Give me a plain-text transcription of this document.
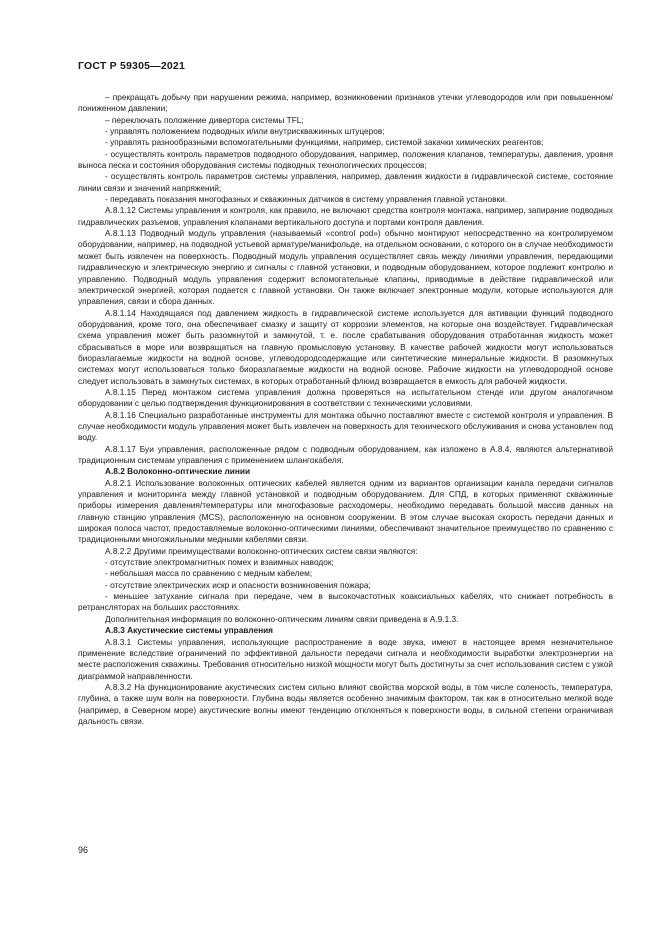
ГОСТ Р 59305—2021

– прекращать добычу при нарушении режима, например, возникновении признаков утечки углеводородов или при повышенном/пониженном давлении;

– переключать положение диверторa системы TFL;

- управлять положением подводных и/или внутрискважинных штуцеров;

- управлять разнообразными вспомогательными функциями, например, системой закачки химических реагентов;

- осуществлять контроль параметров подводного оборудования, например, положения клапанов, температуры, давления, уровня выноса песка и состояния оборудования системы подводных технологических процессов;

- осуществлять контроль параметров системы управления, например, давления жидкости в гидравлической системе, состояние линии связи и значений напряжений;

- передавать показания многофазных и скважинных датчиков в систему управления главной установки.

А.8.1.12 Системы управления и контроля, как правило, не включают средства контроля монтажа, например, запирание подводных гидравлических разъемов, управления клапанами вертикального доступа и портами контроля давления.

А.8.1.13 Подводный модуль управления (называемый «control pod») обычно монтируют непосредственно на контролируемом оборудовании, например, на подводной устьевой арматуре/манифольде, на отдельном основании, с которого он в случае необходимости может быть извлечен на поверхность. Подводный модуль управления осуществляет связь между линиями управления, передающими гидравлическую и электрическую энергию и сигналы с главной установки, и подводным оборудованием, которое подлежит контролю и управлению. Подводный модуль управления содержит вспомогательные клапаны, приводимые в действие гидравлической или электрической энергией, которая подается с главной установки. Он также включает электронные модули, которые используются для управления, связи и сбора данных.

А.8.1.14 Находящаяся под давлением жидкость в гидравлической системе используется для активации функций подводного оборудования, кроме того, она обеспечивает смазку и защиту от коррозии элементов, на которые она воздействует. Гидравлическая схема управления может быть разомкнутой и замкнутой, т. е. после срабатывания оборудования отработанная жидкость может сбрасываться в море или возвращаться на главную промысловую установку. В качестве рабочей жидкости могут использоваться биоразлагаемые жидкости на водной основе, углеводородсодержащие или синтетические минеральные жидкости. В разомкнутых системах могут использоваться только биоразлагаемые жидкости на водной основе. Рабочие жидкости на углеводородной основе следует использовать в замкнутых системах, в которых отработанный флюид возвращается в емкость для рабочей жидкости.

А.8.1.15 Перед монтажом система управления должна проверяться на испытательном стенде или другом аналогичном оборудовании с целью подтверждения функционирования в соответствии с техническими условиями.

А.8.1.16 Специально разработанные инструменты для монтажа обычно поставляют вместе с системой контроля и управления. В случае необходимости модуль управления может быть извлечен на поверхность для технического обслуживания и снова установлен под воду.

А.8.1.17 Буи управления, расположенные рядом с подводным оборудованием, как изложено в А.8.4, являются альтернативой традиционным системам управления с применением шлангокабеля.

А.8.2 Волоконно-оптические линии

А.8.2.1 Использование волоконных оптических кабелей является одним из вариантов организации канала передачи сигналов управления и мониторинга между главной установкой и подводным оборудованием. Для СПД, в которых применяют скважинные приборы измерения давления/температуры или многофазовые расходомеры, необходимо передавать большой массив данных на главную станцию управления (MCS), расположенную на основном сооружении. В этом случае высокая скорость передачи данных и широкая полоса частот, предоставляемые волоконно-оптическими линиями, обеспечивают значительное преимущество по сравнению с традиционными многожильными медными кабелями связи.

А.8.2.2 Другими преимуществами волоконно-оптических систем связи являются:

- отсутствие электромагнитных помех и взаимных наводок;

- небольшая масса по сравнению с медным кабелем;

- отсутствие электрических искр и опасности возникновения пожара;

- меньшее затухание сигнала при передаче, чем в высокочастотных коаксиальных кабелях, что снижает потребность в ретрансляторах на больших расстояниях.

Дополнительная информация по волоконно-оптическим линиям связи приведена в А.9.1.3.

А.8.3 Акустические системы управления

А.8.3.1 Системы управления, использующие распространение в воде звука, имеют в настоящее время незначительное применение вследствие ограничений по эффективной дальности передачи сигнала и необходимости выработки электроэнергии на месте расположения скважины. Требования относительно низкой мощности могут быть достигнуты за счет использования систем с узкой диаграммой направленности.

А.8.3.2 На функционирование акустических систем сильно влияют свойства морской воды, в том числе соленость, температура, глубина, а также шум волн на поверхности. Глубина воды является особенно значимым фактором, так как в относительно мелкой воде (например, в Северном море) акустические волны имеют тенденцию отклоняться к поверхности воды, в сильной степени ограничивая дальность связи.

96
